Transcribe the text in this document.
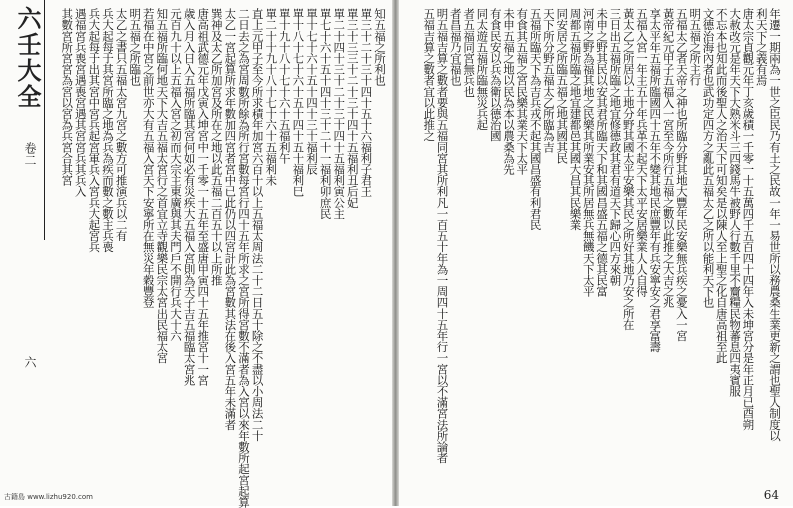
六壬大全
卷二
六
知五福之所利也
單三十二十三十四十五十六福利子君王
單三十三三十二十三十四十五福利丑后妃
單二十四十三十二十三十四十五福利寅公主
單七十六十五十四十三十二十一福利卯庶民
單十七十六十五十四十三十福利辰
單十八十七十六十五十四十五十福利巳
單十九十八十七十六十五福利午
單二十十九十八十七十六十五福利未
直上元甲子至今所求積年加宮六百十以上五福太周法二十二日五十除之不盡以小周法二十
二日去之為宮周數所餘為所行宮數每宮行四十五年所求之宮所得宮數不滿者為入宮以來年數所起宮起算
太乙一宮起算所求年數加四宮者宮中已此仍以四宮計此為宮數其法在後入宮五年未滿者
巽神及太乙所加宮及所在之地以此五福二百五十以上所推
唐高祖武德元年戊寅入坤宮中一千零一十五年至盛唐甲寅四十五年推宮十一宮
歲入月入日入五福所臨其宮何如必有災疾大五福入宮則為天子吉五福臨太宮兆
元百九十以上五福入宮之初而大宗主東廣與其夫門戶不開行兵大十六
知五福所臨何地天下大吉五福太宮行之首宜立寺觀樂民宗太宮出民福太宮
若福在中宮之前世亦大有五福入宮天下安寧所在無災年穀豐登
明五福之所臨也
太乙之書只五福太宮九宮之數方可推演兵以二有
兵大起每于其宮所臨之地為兵為疾而數之數主兵喪
兵大起每于出其宮中宮兵起宮軍兵入宮兵大起宮兵
遇福宮兵喪宮遇喪宮遇其宮宮兵其兵入
其數宮所宮宮為宮以宮為兵宮合其宮
古籍島 www.lizhu920.com
年遷一期兩為一世之臣民乃有土之民故一年一易世所以務農桑生業更新之謂也聖人制度以
利天下之義有焉
唐太宗貞觀元年丁亥歲積一千零一十五萬四千五百四十四年入未坤宮分是年正月已酉朔
大赦改元是年天下大熟米斗三四錢馬牛被野人行數千里不齎糧民物蕃息四夷賓服
不忘本也知此而後聖人之治天下可知矣是以陳人至上聖之化自唐高祖至此
文德治海內者也武功定四方之亂此五福太乙之所以能利天下也
明五福之所主行
五福太乙者天帝之神也所臨分野其地大豐年民安樂無兵疾之憂入一宮
黃帝紀元甲子五福入一宮至今所行五福之數以此推之大吉之兆
享太平年五福所臨國四十五年不變其地民庶豐年有兵安寧安之君享富壽
五福入宮一年主五十年兵革不起天下太平安居樂業人人自得
黃太乙之所居以土地分野其國太平安樂其民之所好其地乃安之所在
三日出五福所臨之地宜修德政其君有道天下歸心四方來朝
未申之野其民以安其君所臨天下和其國昌盛五福之德其民富
河南之野為福其地之民樂其所業安其所居無兵無饑天下太平
周都五福所臨之地宜建都邑其國大昌其民樂業
同安居之所臨五福之地其國其民
天下所分野五福太乙所臨為吉
五福所臨天下為吉兵戎不起其國昌盛有利君民
有食其五福之宮民樂其業天下太平
未申五福之地以民為本以農桑為先
有食民安以兵為衛以德治國
同太遊五福所臨無災兵起
者五福同宮無兵也
者昌福乃宜福也
明五福吉算之數者要與五福同宮其所利凡一百五十年為一周四十五年行一宮以不滿宮法所論者
五福吉算之數者宜以此推之
64
